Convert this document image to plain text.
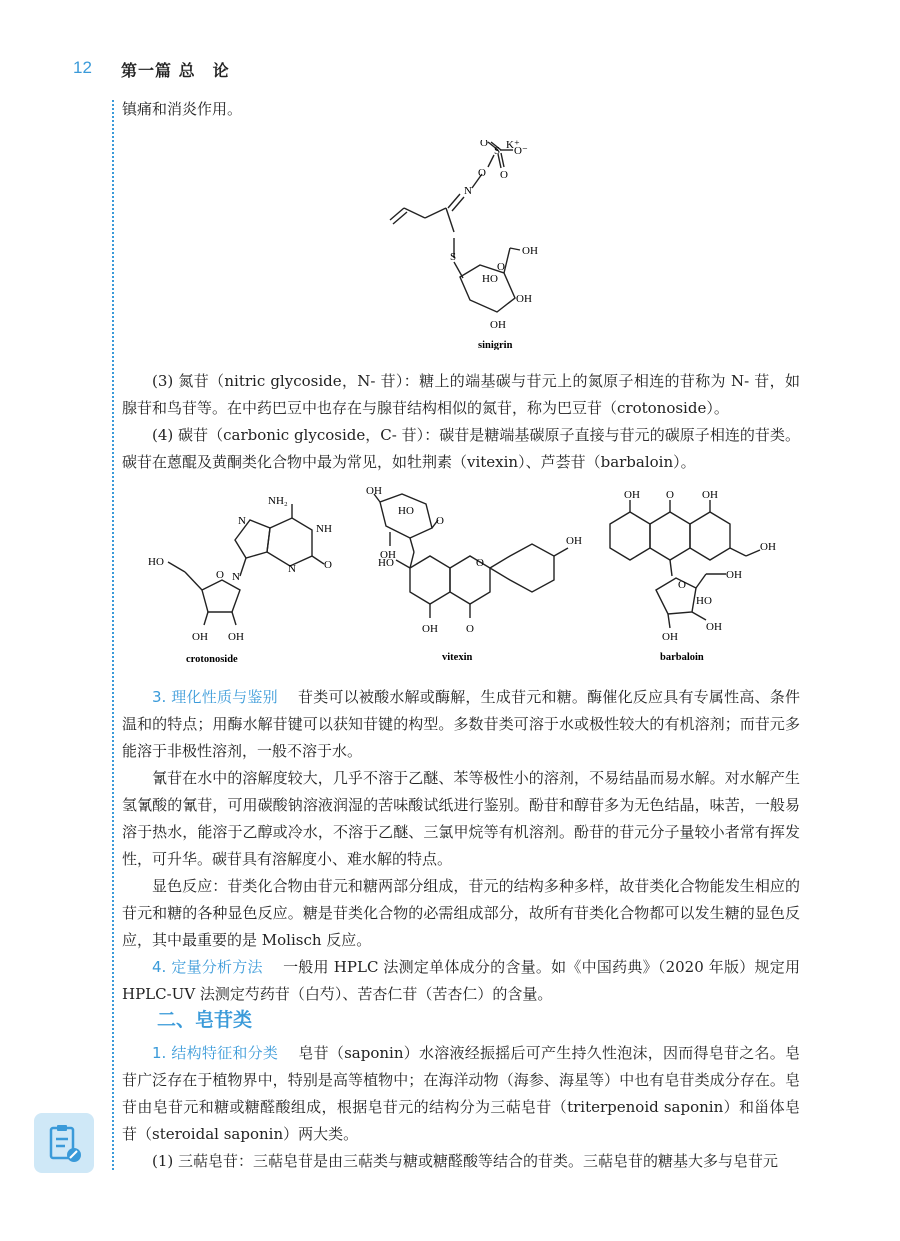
12 第一篇 总　论

镇痛和消炎作用。

O
S
O
O⁻
O
K⁺
N
S
O
OH
HO
OH
OH
sinigrin

(3) 氮苷（nitric glycoside，N- 苷）：糖上的端基碳与苷元上的氮原子相连的苷称为 N- 苷，如腺苷和鸟苷等。在中药巴豆中也存在与腺苷结构相似的氮苷，称为巴豆苷（crotonoside）。

(4) 碳苷（carbonic glycoside，C- 苷）：碳苷是糖端基碳原子直接与苷元的碳原子相连的苷类。碳苷在蒽醌及黄酮类化合物中最为常见，如牡荆素（vitexin）、芦荟苷（barbaloin）。

NH₂
N
NH
N
N
O
HO
O
OH OH
crotonoside
OH
HO
OH
O
HO
OH
O
O
OH
vitexin
OH O	OH
OH
O
OH
HO
OH
OH
barbaloin

3. 理化性质与鉴别 　 苷类可以被酸水解或酶解，生成苷元和糖。酶催化反应具有专属性高、条件温和的特点；用酶水解苷键可以获知苷键的构型。多数苷类可溶于水或极性较大的有机溶剂；而苷元多能溶于非极性溶剂，一般不溶于水。

氰苷在水中的溶解度较大，几乎不溶于乙醚、苯等极性小的溶剂，不易结晶而易水解。对水解产生氢氰酸的氰苷，可用碳酸钠溶液润湿的苦味酸试纸进行鉴别。酚苷和醇苷多为无色结晶，味苦，一般易溶于热水，能溶于乙醇或冷水，不溶于乙醚、三氯甲烷等有机溶剂。酚苷的苷元分子量较小者常有挥发性，可升华。碳苷具有溶解度小、难水解的特点。

显色反应：苷类化合物由苷元和糖两部分组成，苷元的结构多种多样，故苷类化合物能发生相应的苷元和糖的各种显色反应。糖是苷类化合物的必需组成部分，故所有苷类化合物都可以发生糖的显色反应，其中最重要的是 Molisch 反应。

4. 定量分析方法 　 一般用 HPLC 法测定单体成分的含量。如《中国药典》（2020 年版）规定用 HPLC-UV 法测定芍药苷（白芍）、苦杏仁苷（苦杏仁）的含量。

二、皂苷类

1. 结构特征和分类 　 皂苷（saponin）水溶液经振摇后可产生持久性泡沫，因而得皂苷之名。皂苷广泛存在于植物界中，特别是高等植物中；在海洋动物（海参、海星等）中也有皂苷类成分存在。皂苷由皂苷元和糖或糖醛酸组成，根据皂苷元的结构分为三萜皂苷（triterpenoid saponin）和甾体皂苷（steroidal saponin）两大类。

(1) 三萜皂苷：三萜皂苷是由三萜类与糖或糖醛酸等结合的苷类。三萜皂苷的糖基大多与皂苷元
